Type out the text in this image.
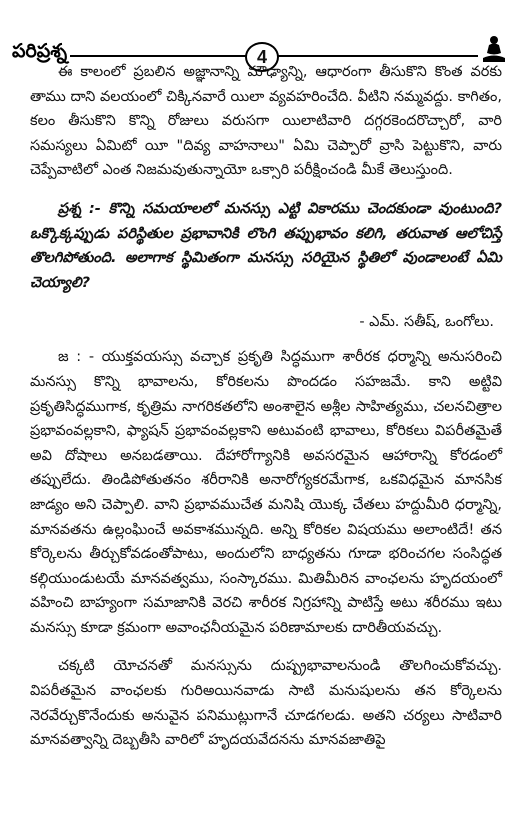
పరిప్రశ్న	4

ఈ కాలంలో ప్రబలిన అజ్ఞానాన్ని మౌఢ్యాన్ని, ఆధారంగా తీసుకొని కొంత వరకు తాము దాని వలయంలో చిక్కినవారే యిలా వ్యవహరించేది. వీటిని నమ్మవద్దు. కాగితం, కలం తీసుకొని కొన్ని రోజులు వరుసగా యిలాటివారి దగ్గరకెందరొచ్చారో, వారి సమస్యలు ఏమిటో యీ "దివ్య వాహనాలు" ఏమి చెప్పారో వ్రాసి పెట్టుకొని, వారు చెప్పేవాటిలో ఎంత నిజమవుతున్నాయో ఒక్సారి పరీక్షించండి మీకే తెలుస్తుంది.

ప్రశ్న :- కొన్ని సమయాలలో మనస్సు ఎట్టి వికారము చెందకుండా వుంటుంది? ఒక్కొక్కప్పుడు పరిస్థితుల ప్రభావానికి లొంగి తప్పుభావం కలిగి, తరువాత ఆలోచిస్తే తొలగిపోతుంది. అలాగాక స్థిమితంగా మనస్సు సరియైన స్థితిలో వుండాలంటే ఏమి చెయ్యాలి?

- ఎమ్. సతీష్, ఒంగోలు.

జ : - యుక్తవయస్సు వచ్చాక ప్రకృతి సిద్ధముగా శారీరక ధర్మాన్ని అనుసరించి మనస్సు కొన్ని భావాలను, కోరికలను పొందడం సహజమే. కాని అట్టివి ప్రకృతిసిద్ధముగాక, కృత్రిమ నాగరికతలోని అంశాలైన అశ్లీల సాహిత్యము, చలనచిత్రాల ప్రభావంవల్లకాని, ఫ్యాషన్ ప్రభావంవల్లకాని అటువంటి భావాలు, కోరికలు విపరీతమైతే అవి దోషాలు అనబడతాయి. దేహారోగ్యానికి అవసరమైన ఆహారాన్ని కోరడంలో తప్పులేదు. తిండిపోతుతనం శరీరానికి అనారోగ్యకరమేగాక, ఒకవిధమైన మానసిక జాడ్యం అని చెప్పాలి. వాని ప్రభావముచేత మనిషి యొక్క చేతలు హద్దుమీరి ధర్మాన్ని, మానవతను ఉల్లంఘించే అవకాశమున్నది. అన్ని కోరికల విషయము అలాంటిదే! తన కోర్కెలను తీర్చుకోవడంతోపాటు, అందులోని బాధ్యతను గూడా భరించగల సంసిద్ధత కల్గియుండుటయే మానవత్వము, సంస్కారము. మితిమీరిన వాంఛలను హృదయంలో వహించి బాహ్యంగా సమాజానికి వెరచి శారీరక నిగ్రహాన్ని పాటిస్తే అటు శరీరము ఇటు మనస్సు కూడా క్రమంగా అవాంఛనీయమైన పరిణామాలకు దారితీయవచ్చు.

చక్కటి యోచనతో మనస్సును దుష్ప్రభావాలనుండి తొలగించుకోవచ్చు. విపరీతమైన వాంఛలకు గురిఅయినవాడు సాటి మనుషులను తన కోర్కెలను నెరవేర్చుకొనేందుకు అనువైన పనిముట్లుగానే చూడగలడు. అతని చర్యలు సాటివారి మానవత్వాన్ని దెబ్బతీసి వారిలో హృదయవేదనను మానవజాతిపై
